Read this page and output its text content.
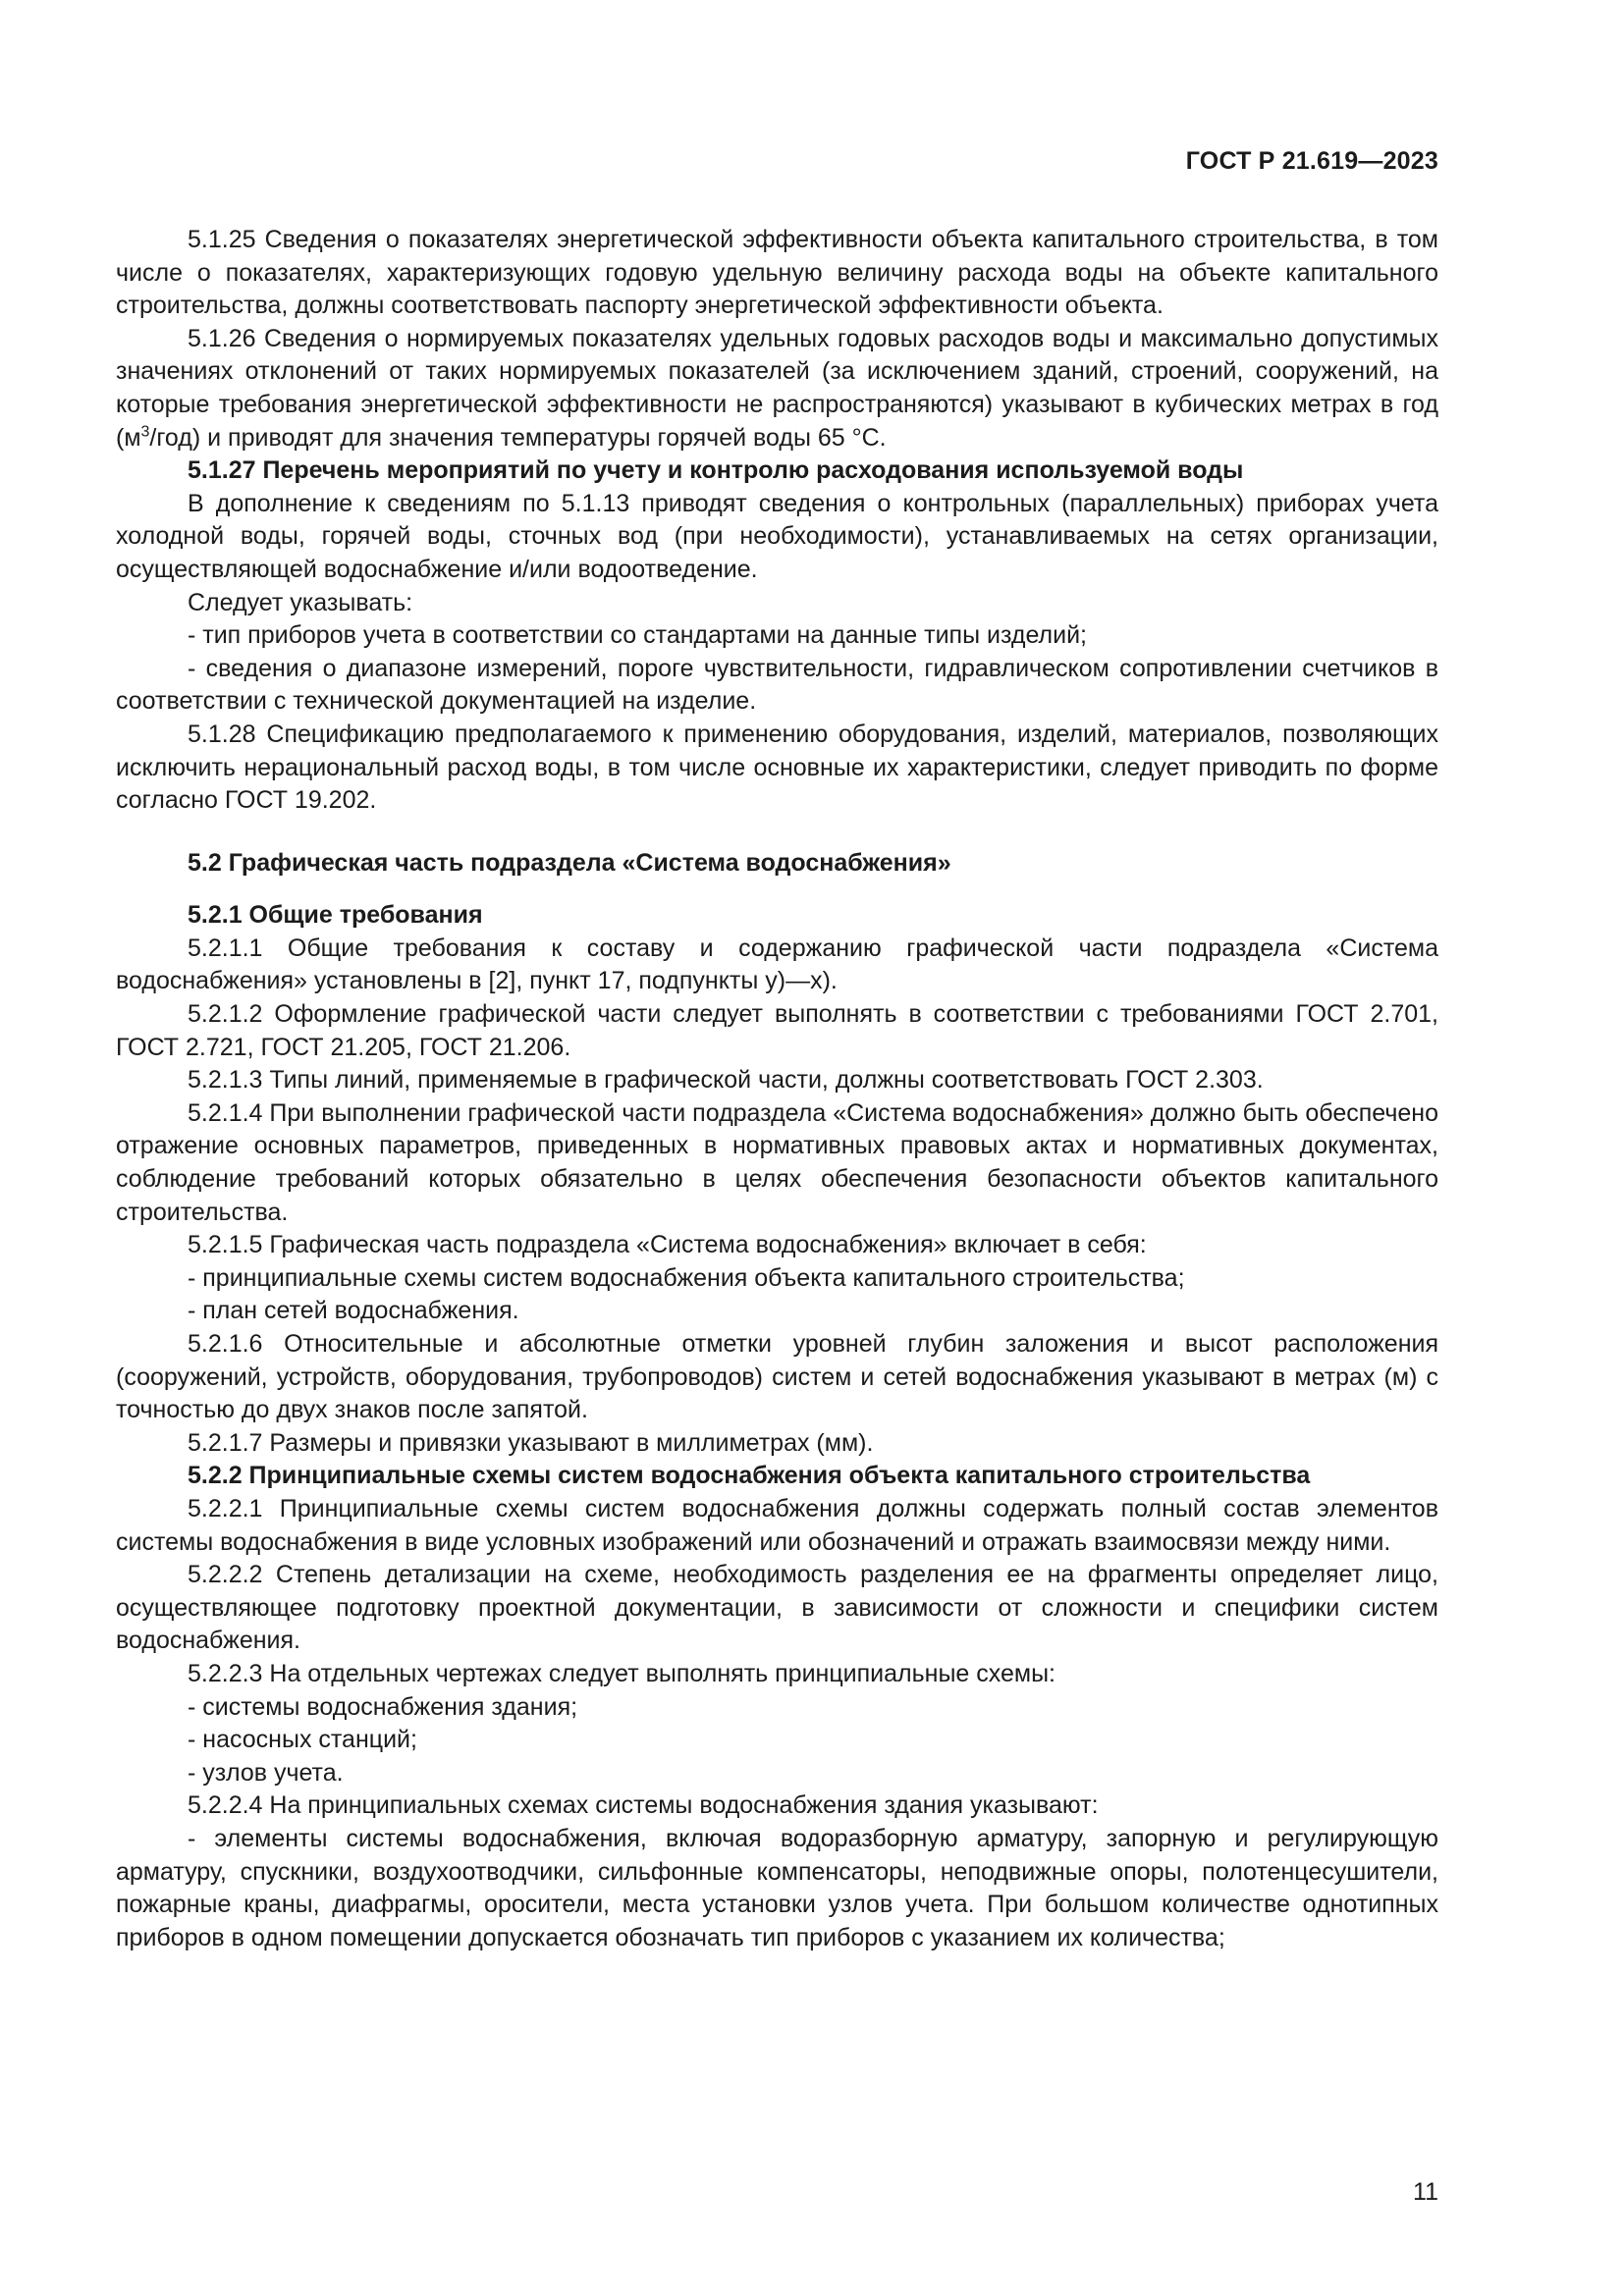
ГОСТ Р 21.619—2023

5.1.25 Сведения о показателях энергетической эффективности объекта капитального строительства, в том числе о показателях, характеризующих годовую удельную величину расхода воды на объекте капитального строительства, должны соответствовать паспорту энергетической эффективности объекта.

5.1.26 Сведения о нормируемых показателях удельных годовых расходов воды и максимально допустимых значениях отклонений от таких нормируемых показателей (за исключением зданий, строений, сооружений, на которые требования энергетической эффективности не распространяются) указывают в кубических метрах в год $(м^3/год)$ и приводят для значения температуры горячей воды 65 °С.

5.1.27 Перечень мероприятий по учету и контролю расходования используемой воды

В дополнение к сведениям по 5.1.13 приводят сведения о контрольных (параллельных) приборах учета холодной воды, горячей воды, сточных вод (при необходимости), устанавливаемых на сетях организации, осуществляющей водоснабжение и/или водоотведение.

Следует указывать:

- тип приборов учета в соответствии со стандартами на данные типы изделий;

- сведения о диапазоне измерений, пороге чувствительности, гидравлическом сопротивлении счетчиков в соответствии с технической документацией на изделие.

5.1.28 Спецификацию предполагаемого к применению оборудования, изделий, материалов, позволяющих исключить нерациональный расход воды, в том числе основные их характеристики, следует приводить по форме согласно ГОСТ 19.202.

5.2 Графическая часть подраздела «Система водоснабжения»

5.2.1 Общие требования

5.2.1.1 Общие требования к составу и содержанию графической части подраздела «Система водоснабжения» установлены в [2], пункт 17, подпункты у)—х).

5.2.1.2 Оформление графической части следует выполнять в соответствии с требованиями ГОСТ 2.701, ГОСТ 2.721, ГОСТ 21.205, ГОСТ 21.206.

5.2.1.3 Типы линий, применяемые в графической части, должны соответствовать ГОСТ 2.303.

5.2.1.4 При выполнении графической части подраздела «Система водоснабжения» должно быть обеспечено отражение основных параметров, приведенных в нормативных правовых актах и нормативных документах, соблюдение требований которых обязательно в целях обеспечения безопасности объектов капитального строительства.

5.2.1.5 Графическая часть подраздела «Система водоснабжения» включает в себя:

- принципиальные схемы систем водоснабжения объекта капитального строительства;

- план сетей водоснабжения.

5.2.1.6 Относительные и абсолютные отметки уровней глубин заложения и высот расположения (сооружений, устройств, оборудования, трубопроводов) систем и сетей водоснабжения указывают в метрах (м) с точностью до двух знаков после запятой.

5.2.1.7 Размеры и привязки указывают в миллиметрах (мм).

5.2.2 Принципиальные схемы систем водоснабжения объекта капитального строительства

5.2.2.1 Принципиальные схемы систем водоснабжения должны содержать полный состав элементов системы водоснабжения в виде условных изображений или обозначений и отражать взаимосвязи между ними.

5.2.2.2 Степень детализации на схеме, необходимость разделения ее на фрагменты определяет лицо, осуществляющее подготовку проектной документации, в зависимости от сложности и специфики систем водоснабжения.

5.2.2.3 На отдельных чертежах следует выполнять принципиальные схемы:

- системы водоснабжения здания;

- насосных станций;

- узлов учета.

5.2.2.4 На принципиальных схемах системы водоснабжения здания указывают:

- элементы системы водоснабжения, включая водоразборную арматуру, запорную и регулирующую арматуру, спускники, воздухоотводчики, сильфонные компенсаторы, неподвижные опоры, полотенцесушители, пожарные краны, диафрагмы, оросители, места установки узлов учета. При большом количестве однотипных приборов в одном помещении допускается обозначать тип приборов с указанием их количества;

11
